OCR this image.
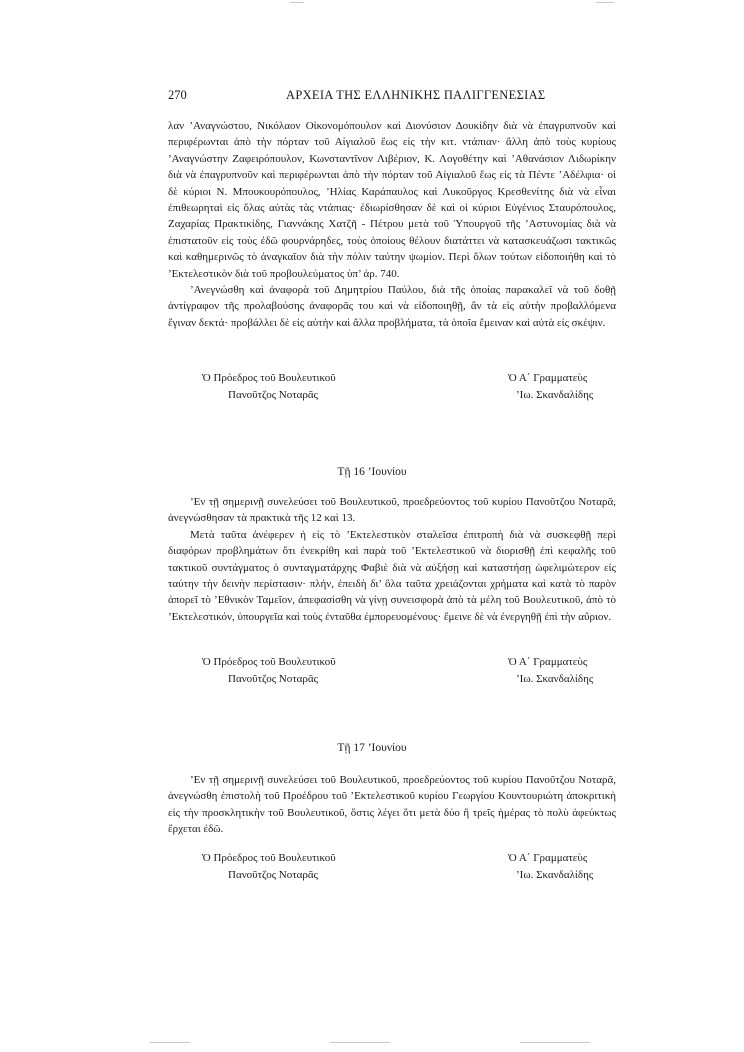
270	ΑΡΧΕΙΑ ΤΗΣ ΕΛΛΗΝΙΚΗΣ ΠΑΛΙΓΓΕΝΕΣΙΑΣ

λαν ’Αναγνώστου, Νικόλαον Οἰκονομόπουλον καὶ Διονύσιον Δουκίδην διὰ νὰ ἐπαγρυπνοῦν καὶ περιφέρωνται ἀπὸ τὴν πόρταν τοῦ Αἰγιαλοῦ ἕως εἰς τὴν κιτ. ντάπιαν· ἄλλη ἀπὸ τοὺς κυρίους ’Αναγνώστην Ζαφειρόπουλον, Κωνσταντῖνον Λιβέριον, Κ. Λογοθέτην καὶ ’Αθανάσιον Λιδωρίκην διὰ νὰ ἐπαγρυπνοῦν καὶ περιφέρωνται ἀπὸ τὴν πόρταν τοῦ Αἰγιαλοῦ ἕως εἰς τὰ Πέντε ’Αδέλφια· οἱ δὲ κύριοι Ν. Μπουκουρόπουλος, ’Ηλίας Καράπαυλος καὶ Λυκοῦργος Κρεσθενίτης διὰ νὰ εἶναι ἐπιθεωρηταὶ εἰς ὅλας αὐτὰς τὰς ντάπιας· ἐδιωρίσθησαν δὲ καὶ οἱ κύριοι Εὐγένιος Σταυρόπουλος, Ζαχαρίας Πρακτικίδης, Γιαννάκης Χατζῆ - Πέτρου μετὰ τοῦ Ὑπουργοῦ τῆς ’Αστυνομίας διὰ νὰ ἐπιστατοῦν εἰς τοὺς ἐδῶ φουρνάρηδες, τοὺς ὁποίους θέλουν διατάττει νὰ κατασκευάζωσι τακτικῶς καὶ καθημερινῶς τὸ ἀναγκαῖον διὰ τὴν πόλιν ταύτην ψωμίον. Περὶ ὅλων τούτων εἰδοποιήθη καὶ τὸ ’Εκτελεστικὸν διὰ τοῦ προβουλεύματος ὑπ’ ἀρ. 740.

’Ανεγνώσθη καὶ ἀναφορὰ τοῦ Δημητρίου Παύλου, διὰ τῆς ὁποίας παρακαλεῖ νὰ τοῦ δοθῇ ἀντίγραφον τῆς προλαβούσης ἀναφορᾶς του καὶ νὰ εἰδοποιηθῇ, ἂν τὰ εἰς αὐτὴν προβαλλόμενα ἔγιναν δεκτά· προβάλλει δὲ εἰς αὐτὴν καὶ ἄλλα προβλήματα, τὰ ὁποῖα ἔμειναν καὶ αὐτὰ εἰς σκέψιν.

Ὁ Πρόεδρος τοῦ Βουλευτικοῦ
Πανοῦτζος Νοταρᾶς
Ὁ Α΄ Γραμματεὺς
’Ιω. Σκανδαλίδης
Τῇ 16 ’Ιουνίου

’Εν τῇ σημερινῇ συνελεύσει τοῦ Βουλευτικοῦ, προεδρεύοντος τοῦ κυρίου Πανοῦτζου Νοταρᾶ, ἀνεγνώσθησαν τὰ πρακτικὰ τῆς 12 καὶ 13.

Μετὰ ταῦτα ἀνέφερεν ἡ εἰς τὸ ’Εκτελεστικὸν σταλεῖσα ἐπιτροπὴ διὰ νὰ συσκεφθῇ περὶ διαφόρων προβλημάτων ὅτι ἐνεκρίθη καὶ παρὰ τοῦ ’Εκτελεστικοῦ νὰ διορισθῇ ἐπὶ κεφαλῆς τοῦ τακτικοῦ συντάγματος ὁ συνταγματάρχης Φαβιὲ διὰ νὰ αὐξήσῃ καὶ καταστήσῃ ὠφελιμώτερον εἰς ταύτην τὴν δεινὴν περίστασιν· πλήν, ἐπειδὴ δι’ ὅλα ταῦτα χρειάζονται χρήματα καὶ κατὰ τὸ παρὸν ἀπορεῖ τὸ ’Εθνικὸν Ταμεῖον, ἀπεφασίσθη νὰ γίνῃ συνεισφορὰ ἀπὸ τὰ μέλη τοῦ Βουλευτικοῦ, ἀπὸ τὸ ’Εκτελεστικόν, ὑπουργεῖα καὶ τοὺς ἐνταῦθα ἐμπορευομένους· ἔμεινε δὲ νὰ ἐνεργηθῇ ἐπὶ τὴν αὔριον.

Ὁ Πρόεδρος τοῦ Βουλευτικοῦ
Πανοῦτζος Νοταρᾶς
Ὁ Α΄ Γραμματεὺς
’Ιω. Σκανδαλίδης
Τῇ 17 ’Ιουνίου

’Εν τῇ σημερινῇ συνελεύσει τοῦ Βουλευτικοῦ, προεδρεύοντος τοῦ κυρίου Πανοῦτζου Νοταρᾶ, ἀνεγνώσθη ἐπιστολὴ τοῦ Προέδρου τοῦ ’Εκτελεστικοῦ κυρίου Γεωργίου Κουντουριώτη ἀποκριτικὴ εἰς τὴν προσκλητικὴν τοῦ Βουλευτικοῦ, ὅστις λέγει ὅτι μετὰ δύο ἢ τρεῖς ἡμέρας τὸ πολὺ ἀφεύκτως ἔρχεται ἐδῶ.

Ὁ Πρόεδρος τοῦ Βουλευτικοῦ
Πανοῦτζος Νοταρᾶς
Ὁ Α΄ Γραμματεὺς
’Ιω. Σκανδαλίδης
